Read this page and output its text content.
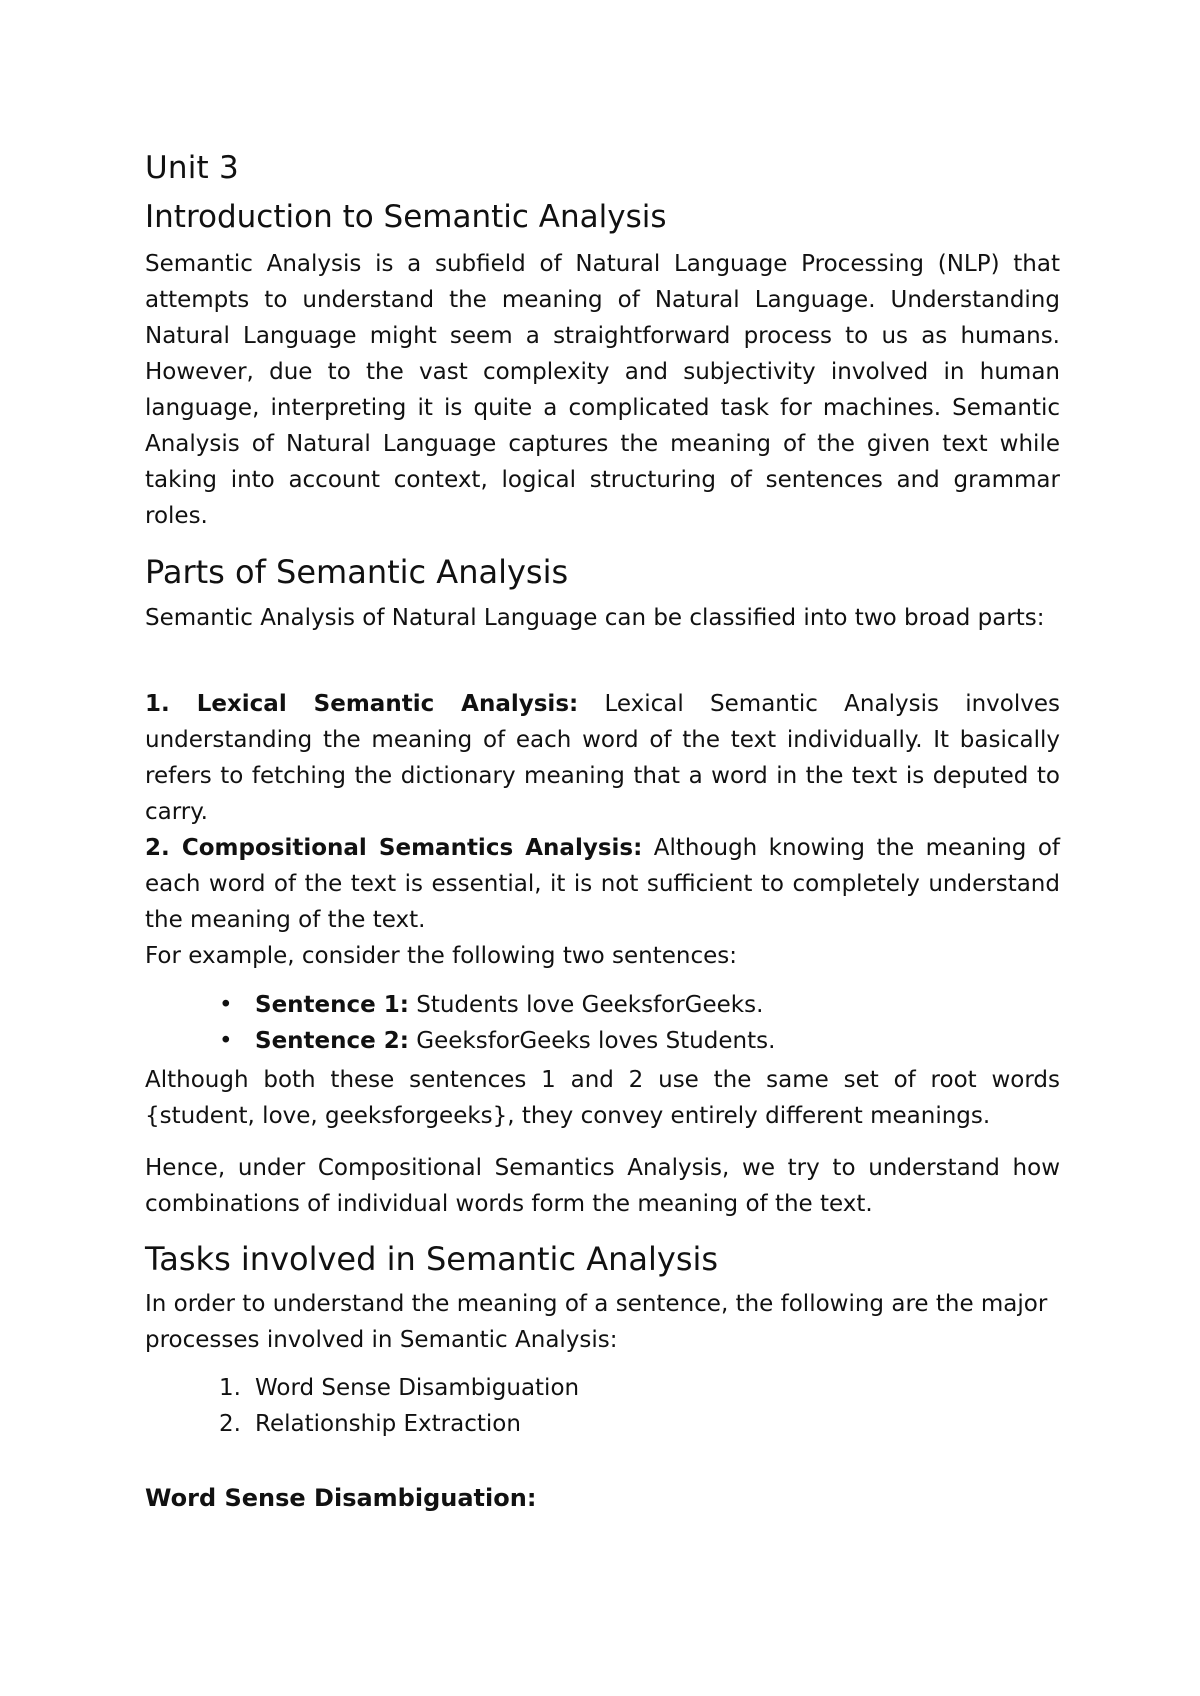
Unit 3
Introduction to Semantic Analysis

Semantic Analysis is a subfield of Natural Language Processing (NLP) that attempts to understand the meaning of Natural Language. Understanding Natural Language might seem a straightforward process to us as humans. However, due to the vast complexity and subjectivity involved in human language, interpreting it is quite a complicated task for machines. Semantic Analysis of Natural Language captures the meaning of the given text while taking into account context, logical structuring of sentences and grammar roles.

Parts of Semantic Analysis

Semantic Analysis of Natural Language can be classified into two broad parts:

1. Lexical Semantic Analysis: Lexical Semantic Analysis involves understanding the meaning of each word of the text individually. It basically refers to fetching the dictionary meaning that a word in the text is deputed to carry.

2. Compositional Semantics Analysis: Although knowing the meaning of each word of the text is essential, it is not sufficient to completely understand the meaning of the text.

For example, consider the following two sentences:

• Sentence 1: Students love GeeksforGeeks.
• Sentence 2: GeeksforGeeks loves Students.

Although both these sentences 1 and 2 use the same set of root words {student, love, geeksforgeeks}, they convey entirely different meanings.

Hence, under Compositional Semantics Analysis, we try to understand how combinations of individual words form the meaning of the text.

Tasks involved in Semantic Analysis

In order to understand the meaning of a sentence, the following are the major processes involved in Semantic Analysis:

1. Word Sense Disambiguation
2. Relationship Extraction
Word Sense Disambiguation:
